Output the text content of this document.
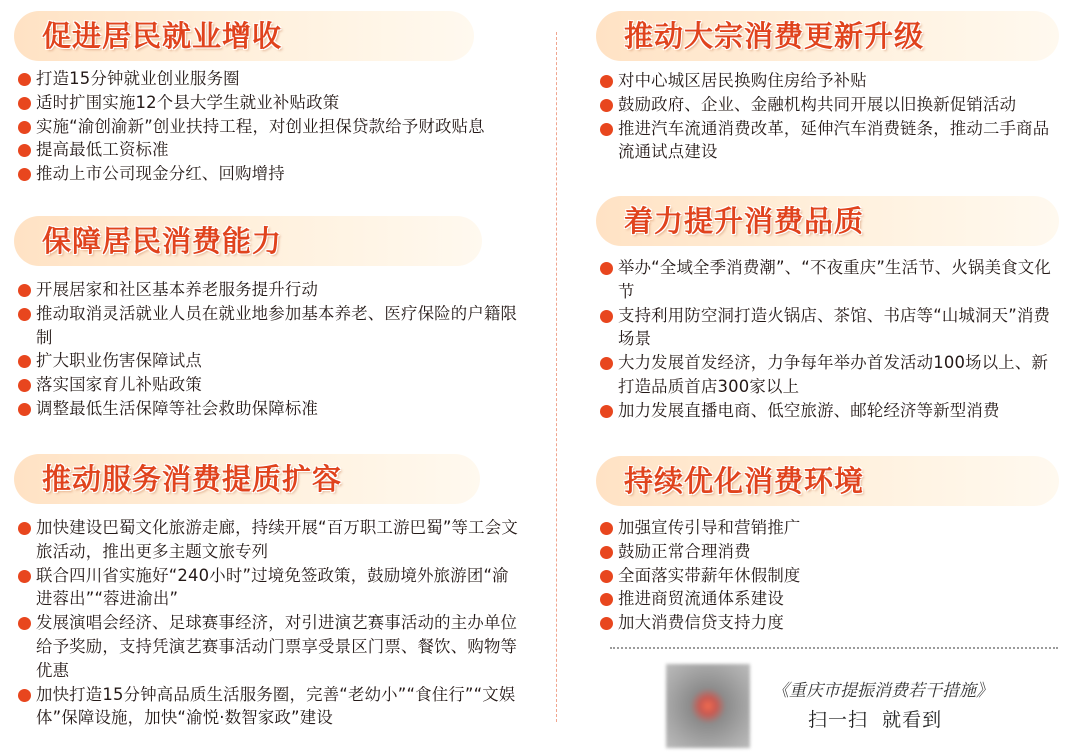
促进居民就业增收
打造15分钟就业创业服务圈
适时扩围实施12个县大学生就业补贴政策
实施“渝创渝新”创业扶持工程，对创业担保贷款给予财政贴息
提高最低工资标准
推动上市公司现金分红、回购增持
保障居民消费能力
开展居家和社区基本养老服务提升行动
推动取消灵活就业人员在就业地参加基本养老、医疗保险的户籍限制
扩大职业伤害保障试点
落实国家育儿补贴政策
调整最低生活保障等社会救助保障标准
推动服务消费提质扩容
加快建设巴蜀文化旅游走廊，持续开展“百万职工游巴蜀”等工会文旅活动，推出更多主题文旅专列
联合四川省实施好“240小时”过境免签政策，鼓励境外旅游团“渝进蓉出”“蓉进渝出”
发展演唱会经济、足球赛事经济，对引进演艺赛事活动的主办单位给予奖励，支持凭演艺赛事活动门票享受景区门票、餐饮、购物等优惠
加快打造15分钟高品质生活服务圈，完善“老幼小”“食住行”“文娱体”保障设施，加快“渝悦·数智家政”建设
推动大宗消费更新升级
对中心城区居民换购住房给予补贴
鼓励政府、企业、金融机构共同开展以旧换新促销活动
推进汽车流通消费改革，延伸汽车消费链条，推动二手商品流通试点建设
着力提升消费品质
举办“全域全季消费潮”、“不夜重庆”生活节、火锅美食文化节
支持利用防空洞打造火锅店、茶馆、书店等“山城洞天”消费场景
大力发展首发经济，力争每年举办首发活动100场以上、新打造品质首店300家以上
加力发展直播电商、低空旅游、邮轮经济等新型消费
持续优化消费环境
加强宣传引导和营销推广
鼓励正常合理消费
全面落实带薪年休假制度
推进商贸流通体系建设
加大消费信贷支持力度
《重庆市提振消费若干措施》
扫一扫  就看到
